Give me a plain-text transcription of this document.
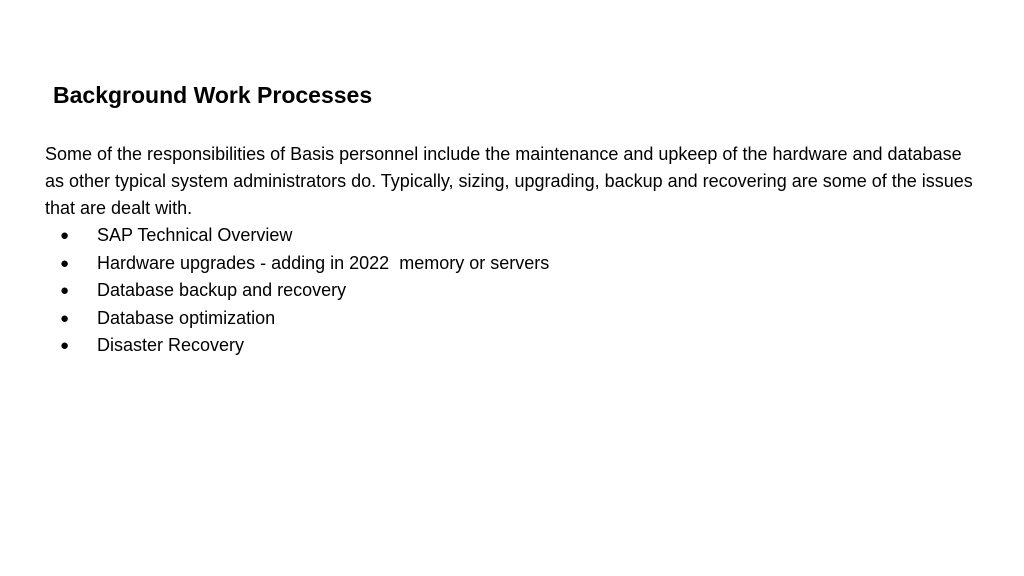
Background Work Processes

Some of the responsibilities of Basis personnel include the maintenance and upkeep of the hardware and database as other typical system administrators do. Typically, sizing, upgrading, backup and recovering are some of the issues that are dealt with.

● SAP Technical Overview
● Hardware upgrades - adding in 2022  memory or servers
● Database backup and recovery
● Database optimization
● Disaster Recovery
